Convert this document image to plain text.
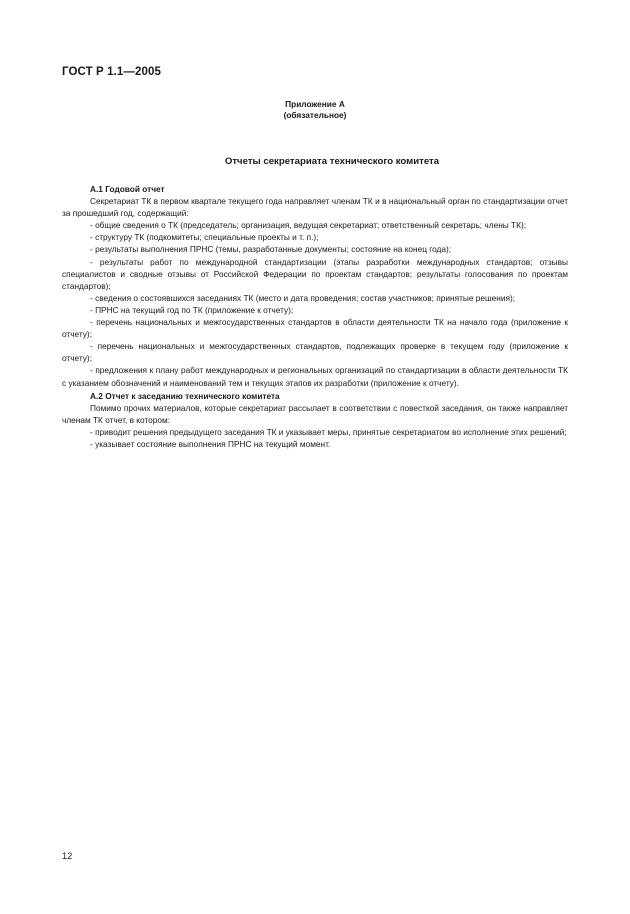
ГОСТ Р 1.1—2005
Приложение А
(обязательное)
Отчеты секретариата технического комитета

А.1 Годовой отчет

Секретариат ТК в первом квартале текущего года направляет членам ТК и в национальный орган по стандартизации отчет за прошедший год, содержащий:

- общие сведения о ТК (председатель; организация, ведущая секретариат; ответственный секретарь; члены ТК);

- структуру ТК (подкомитеты; специальные проекты и т. п.);

- результаты выполнения ПРНС (темы, разработанные документы; состояние на конец года);

- результаты работ по международной стандартизации (этапы разработки международных стандартов; отзывы специалистов и сводные отзывы от Российской Федерации по проектам стандартов; результаты голосования по проектам стандартов);

- сведения о состоявшихся заседаниях ТК (место и дата проведения; состав участников; принятые решения);

- ПРНС на текущий год по ТК (приложение к отчету);

- перечень национальных и межгосударственных стандартов в области деятельности ТК на начало года (приложение к отчету);

- перечень национальных и межгосударственных стандартов, подлежащих проверке в текущем году (приложение к отчету);

- предложения к плану работ международных и региональных организаций по стандартизации в области деятельности ТК с указанием обозначений и наименований тем и текущих этапов их разработки (приложение к отчету).

А.2 Отчет к заседанию технического комитета

Помимо прочих материалов, которые секретариат рассылает в соответствии с повесткой заседания, он также направляет членам ТК отчет, в котором:

- приводит решения предыдущего заседания ТК и указывает меры, принятые секретариатом во исполнение этих решений;

- указывает состояние выполнения ПРНС на текущий момент.

12
